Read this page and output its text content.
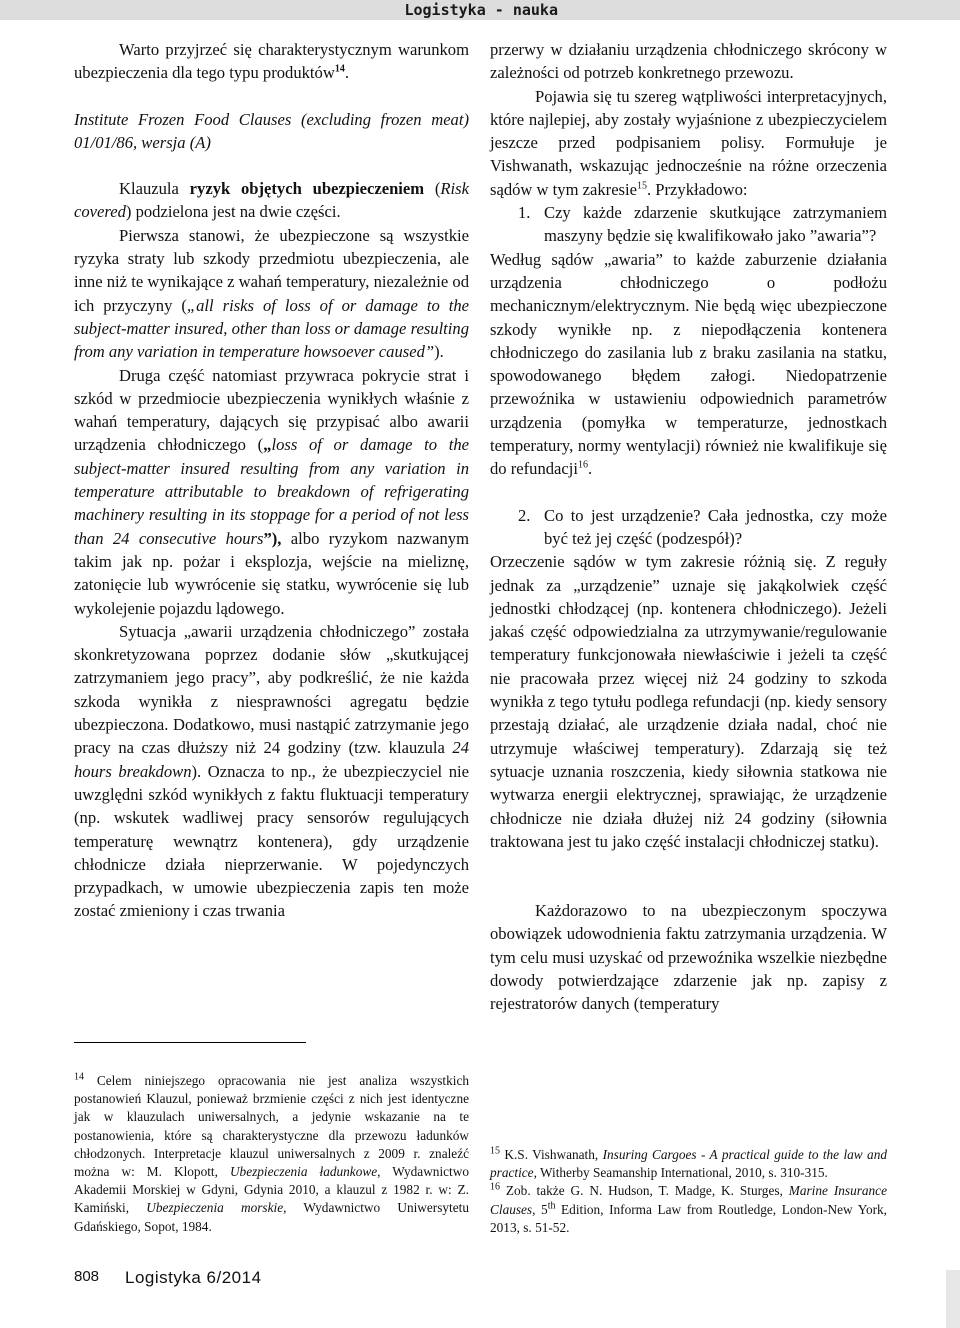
Logistyka - nauka

Warto przyjrzeć się charakterystycznym warunkom ubezpieczenia dla tego typu produktów$^{14}$.

Institute Frozen Food Clauses (excluding frozen meat) 01/01/86, wersja (A)

Klauzula ryzyk objętych ubezpieczeniem (Risk covered) podzielona jest na dwie części.

Pierwsza stanowi, że ubezpieczone są wszystkie ryzyka straty lub szkody przedmiotu ubezpieczenia, ale inne niż te wynikające z wahań temperatury, niezależnie od ich przyczyny („all risks of loss of or damage to the subject-matter insured, other than loss or damage resulting from any variation in temperature howsoever caused”).

Druga część natomiast przywraca pokrycie strat i szkód w przedmiocie ubezpieczenia wynikłych właśnie z wahań temperatury, dających się przypisać albo awarii urządzenia chłodniczego („loss of or damage to the subject-matter insured resulting from any variation in temperature attributable to breakdown of refrigerating machinery resulting in its stoppage for a period of not less than 24 consecutive hours”), albo ryzykom nazwanym takim jak np. pożar i eksplozja, wejście na mieliznę, zatonięcie lub wywrócenie się statku, wywrócenie się lub wykolejenie pojazdu lądowego.

Sytuacja „awarii urządzenia chłodniczego” została skonkretyzowana poprzez dodanie słów „skutkującej zatrzymaniem jego pracy”, aby podkreślić, że nie każda szkoda wynikła z niesprawności agregatu będzie ubezpieczona. Dodatkowo, musi nastąpić zatrzymanie jego pracy na czas dłuższy niż 24 godziny (tzw. klauzula 24 hours breakdown). Oznacza to np., że ubezpieczyciel nie uwzględni szkód wynikłych z faktu fluktuacji temperatury (np. wskutek wadliwej pracy sensorów regulujących temperaturę wewnątrz kontenera), gdy urządzenie chłodnicze działa nieprzerwanie. W pojedynczych przypadkach, w umowie ubezpieczenia zapis ten może zostać zmieniony i czas trwania

przerwy w działaniu urządzenia chłodniczego skrócony w zależności od potrzeb konkretnego przewozu.

Pojawia się tu szereg wątpliwości interpretacyjnych, które najlepiej, aby zostały wyjaśnione z ubezpieczycielem jeszcze przed podpisaniem polisy. Formułuje je Vishwanath, wskazując jednocześnie na różne orzeczenia sądów w tym zakresie$^{15}$. Przykładowo:

1. Czy każde zdarzenie skutkujące zatrzymaniem maszyny będzie się kwalifikowało jako ”awaria”?

Według sądów „awaria” to każde zaburzenie działania urządzenia chłodniczego o podłożu mechanicznym/elektrycznym. Nie będą więc ubezpieczone szkody wynikłe np. z niepodłączenia kontenera chłodniczego do zasilania lub z braku zasilania na statku, spowodowanego błędem załogi. Niedopatrzenie przewoźnika w ustawieniu odpowiednich parametrów urządzenia (pomyłka w temperaturze, jednostkach temperatury, normy wentylacji) również nie kwalifikuje się do refundacji$^{16}$.

2. Co to jest urządzenie? Cała jednostka, czy może być też jej część (podzespół)?

Orzeczenie sądów w tym zakresie różnią się. Z reguły jednak za „urządzenie” uznaje się jakąkolwiek część jednostki chłodzącej (np. kontenera chłodniczego). Jeżeli jakaś część odpowiedzialna za utrzymywanie/regulowanie temperatury funkcjonowała niewłaściwie i jeżeli ta część nie pracowała przez więcej niż 24 godziny to szkoda wynikła z tego tytułu podlega refundacji (np. kiedy sensory przestają działać, ale urządzenie działa nadal, choć nie utrzymuje właściwej temperatury). Zdarzają się też sytuacje uznania roszczenia, kiedy siłownia statkowa nie wytwarza energii elektrycznej, sprawiając, że urządzenie chłodnicze nie działa dłużej niż 24 godziny (siłownia traktowana jest tu jako część instalacji chłodniczej statku).

Każdorazowo to na ubezpieczonym spoczywa obowiązek udowodnienia faktu zatrzymania urządzenia. W tym celu musi uzyskać od przewoźnika wszelkie niezbędne dowody potwierdzające zdarzenie jak np. zapisy z rejestratorów danych (temperatury

$^{14}$ Celem niniejszego opracowania nie jest analiza wszystkich postanowień Klauzul, ponieważ brzmienie części z nich jest identyczne jak w klauzulach uniwersalnych, a jedynie wskazanie na te postanowienia, które są charakterystyczne dla przewozu ładunków chłodzonych. Interpretacje klauzul uniwersalnych z 2009 r. znaleźć można w: M. Klopott, Ubezpieczenia ładunkowe, Wydawnictwo Akademii Morskiej w Gdyni, Gdynia 2010, a klauzul z 1982 r. w: Z. Kamiński, Ubezpieczenia morskie, Wydawnictwo Uniwersytetu Gdańskiego, Sopot, 1984.

$^{15}$ K.S. Vishwanath, Insuring Cargoes - A practical guide to the law and practice, Witherby Seamanship International, 2010, s. 310-315.

$^{16}$ Zob. także G. N. Hudson, T. Madge, K. Sturges, Marine Insurance Clauses, 5th Edition, Informa Law from Routledge, London-New York, 2013, s. 51-52.

808 Logistyka 6/2014
